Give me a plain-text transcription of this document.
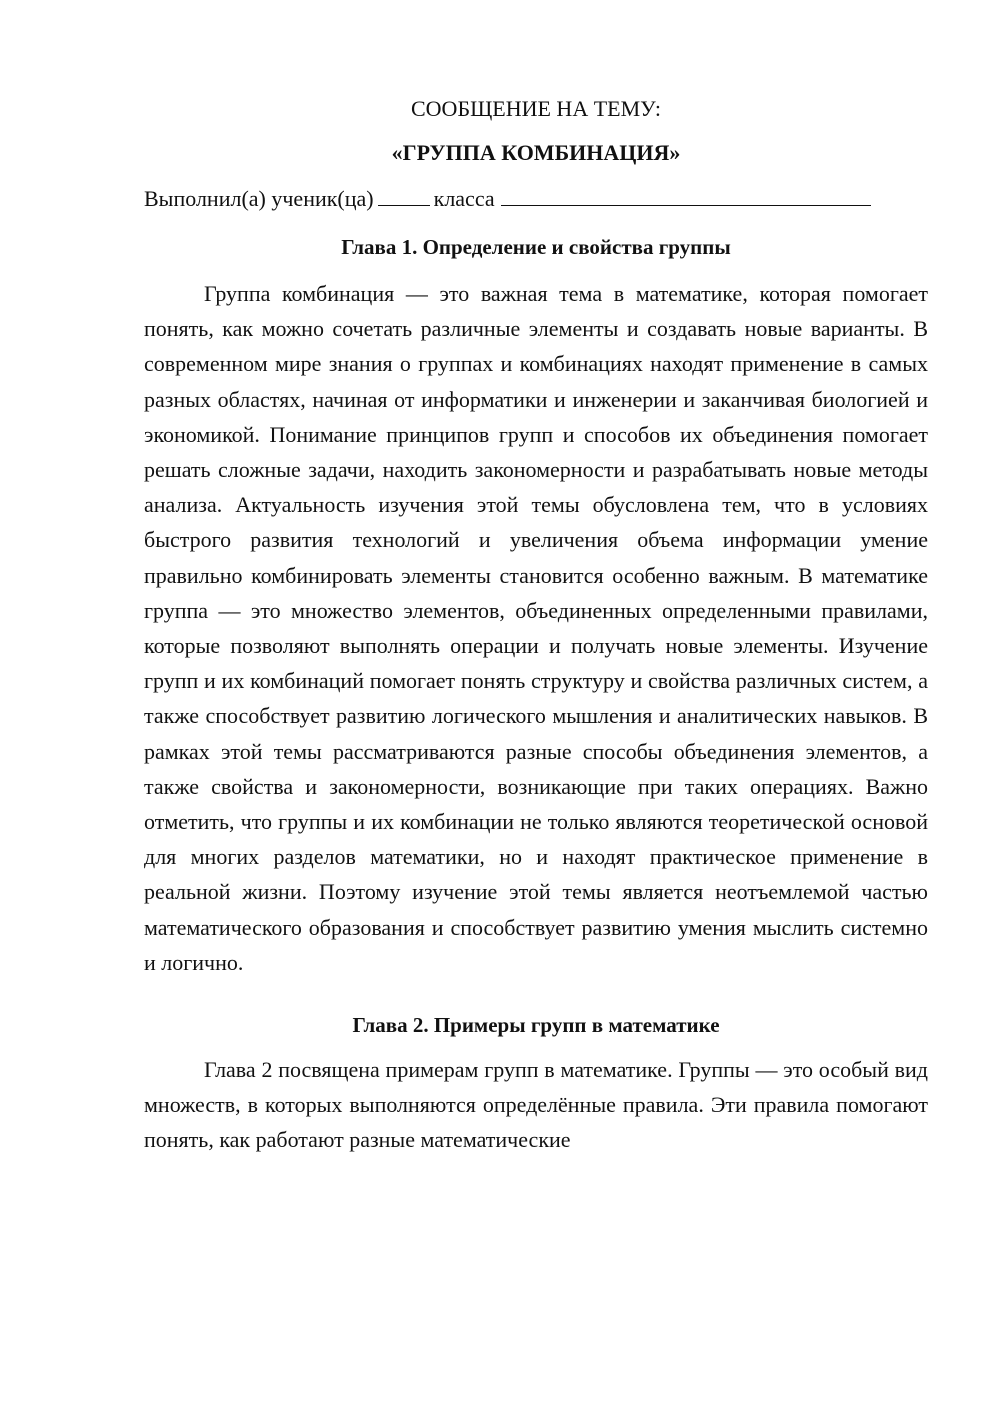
СООБЩЕНИЕ НА ТЕМУ:

«ГРУППА КОМБИНАЦИЯ»

Выполнил(а) ученик(ца)	класса

Глава 1. Определение и свойства группы

Группа комбинация — это важная тема в математике, которая помогает понять, как можно сочетать различные элементы и создавать новые варианты. В современном мире знания о группах и комбинациях находят применение в самых разных областях, начиная от информатики и инженерии и заканчивая биологией и экономикой. Понимание принципов групп и способов их объединения помогает решать сложные задачи, находить закономерности и разрабатывать новые методы анализа. Актуальность изучения этой темы обусловлена тем, что в условиях быстрого развития технологий и увеличения объема информации умение правильно комбинировать элементы становится особенно важным. В математике группа — это множество элементов, объединенных определенными правилами, которые позволяют выполнять операции и получать новые элементы. Изучение групп и их комбинаций помогает понять структуру и свойства различных систем, а также способствует развитию логического мышления и аналитических навыков. В рамках этой темы рассматриваются разные способы объединения элементов, а также свойства и закономерности, возникающие при таких операциях. Важно отметить, что группы и их комбинации не только являются теоретической основой для многих разделов математики, но и находят практическое применение в реальной жизни. Поэтому изучение этой темы является неотъемлемой частью математического образования и способствует развитию умения мыслить системно и логично.

Глава 2. Примеры групп в математике

Глава 2 посвящена примерам групп в математике. Группы — это особый вид множеств, в которых выполняются определённые правила. Эти правила помогают понять, как работают разные математические
